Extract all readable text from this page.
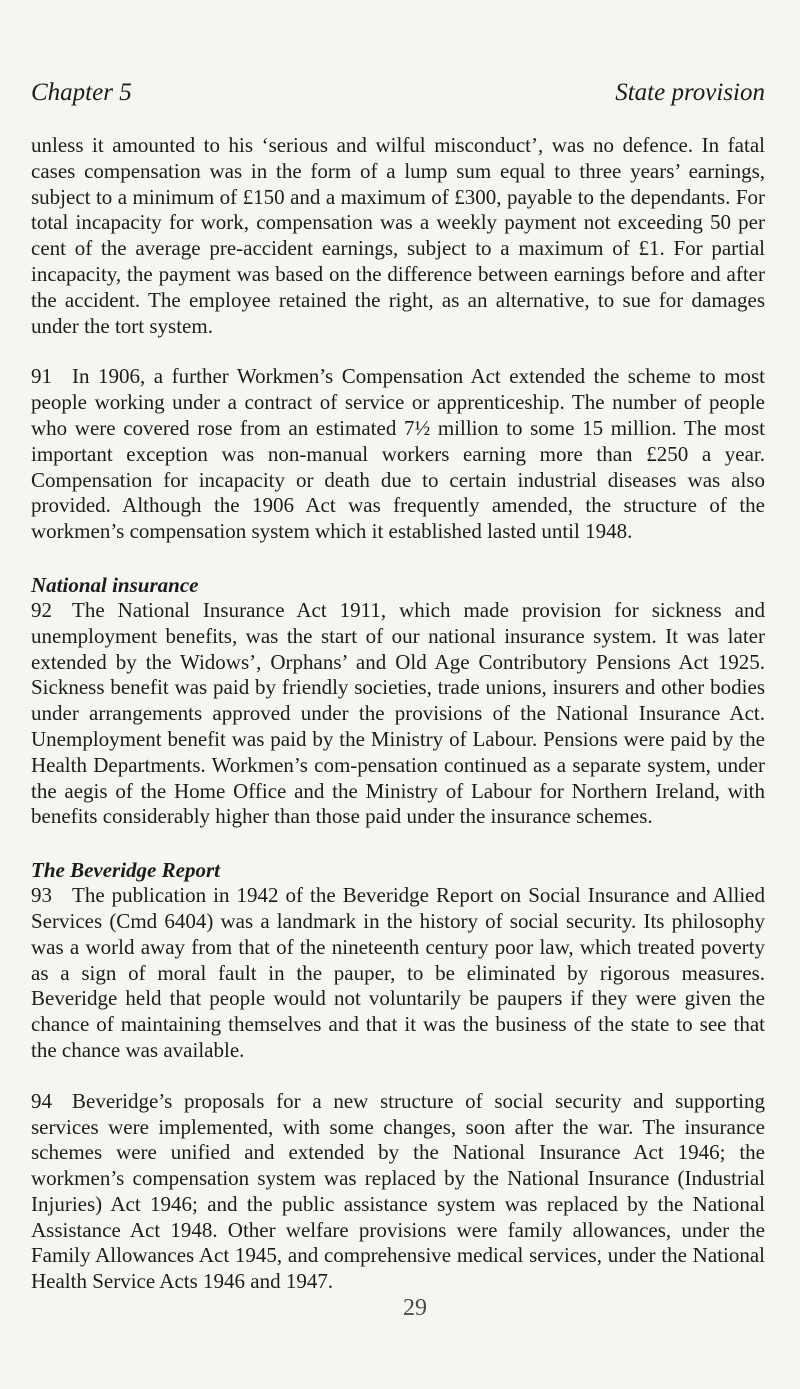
Chapter 5	State provision

unless it amounted to his ‘serious and wilful misconduct’, was no defence. In fatal cases compensation was in the form of a lump sum equal to three years’ earnings, subject to a minimum of £150 and a maximum of £300, payable to the dependants. For total incapacity for work, compensation was a weekly payment not exceeding 50 per cent of the average pre-accident earnings, subject to a maximum of £1. For partial incapacity, the payment was based on the difference between earnings before and after the accident. The employee retained the right, as an alternative, to sue for damages under the tort system.

91 In 1906, a further Workmen’s Compensation Act extended the scheme to most people working under a contract of service or apprenticeship. The number of people who were covered rose from an estimated 7½ million to some 15 million. The most important exception was non-manual workers earning more than £250 a year. Compensation for incapacity or death due to certain industrial diseases was also provided. Although the 1906 Act was frequently amended, the structure of the workmen’s compensation system which it established lasted until 1948.

National insurance

92 The National Insurance Act 1911, which made provision for sickness and unemployment benefits, was the start of our national insurance system. It was later extended by the Widows’, Orphans’ and Old Age Contributory Pensions Act 1925. Sickness benefit was paid by friendly societies, trade unions, insurers and other bodies under arrangements approved under the provisions of the National Insurance Act. Unemployment benefit was paid by the Ministry of Labour. Pensions were paid by the Health Departments. Workmen’s com-pensation continued as a separate system, under the aegis of the Home Office and the Ministry of Labour for Northern Ireland, with benefits considerably higher than those paid under the insurance schemes.

The Beveridge Report

93 The publication in 1942 of the Beveridge Report on Social Insurance and Allied Services (Cmd 6404) was a landmark in the history of social security. Its philosophy was a world away from that of the nineteenth century poor law, which treated poverty as a sign of moral fault in the pauper, to be eliminated by rigorous measures. Beveridge held that people would not voluntarily be paupers if they were given the chance of maintaining themselves and that it was the business of the state to see that the chance was available.

94 Beveridge’s proposals for a new structure of social security and supporting services were implemented, with some changes, soon after the war. The insurance schemes were unified and extended by the National Insurance Act 1946; the workmen’s compensation system was replaced by the National Insurance (Industrial Injuries) Act 1946; and the public assistance system was replaced by the National Assistance Act 1948. Other welfare provisions were family allowances, under the Family Allowances Act 1945, and comprehensive medical services, under the National Health Service Acts 1946 and 1947.

29
